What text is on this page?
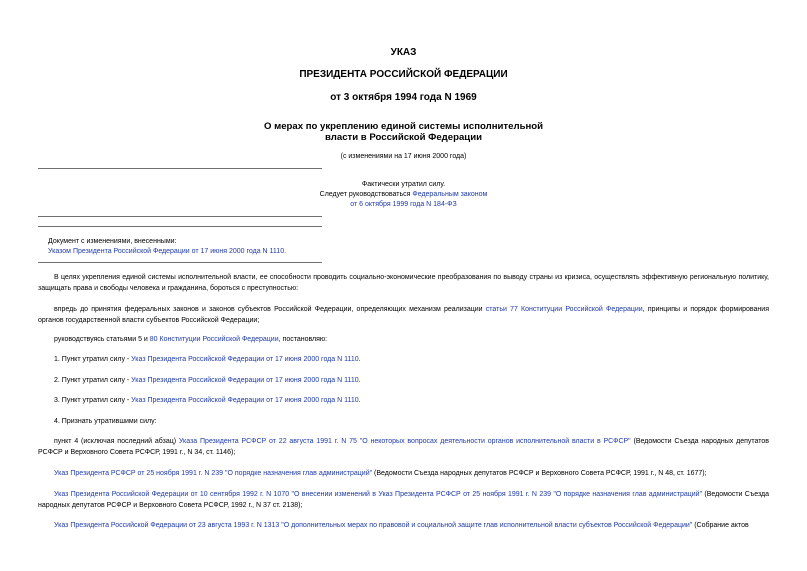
УКАЗ
ПРЕЗИДЕНТА РОССИЙСКОЙ ФЕДЕРАЦИИ
от 3 октября 1994 года N 1969
О мерах по укреплению единой системы исполнительной
власти в Российской Федерации
(с изменениями на 17 июня 2000 года)
Фактически утратил силу.
Следует руководствоваться Федеральным законом
от 6 октября 1999 года N 184-ФЗ
Документ с изменениями, внесенными:
Указом Президента Российской Федерации от 17 июня 2000 года N 1110.
В целях укрепления единой системы исполнительной власти, ее способности проводить социально-экономические преобразования по выводу страны из кризиса, осуществлять эффективную региональную политику, защищать права и свободы человека и гражданина, бороться с преступностью:
впредь до принятия федеральных законов и законов субъектов Российской Федерации, определяющих механизм реализации статьи 77 Конституции Российской Федерации, принципы и порядок формирования органов государственной власти субъектов Российской Федерации;
руководствуясь статьями 5 и 80 Конституции Российской Федерации, постановляю:
1. Пункт утратил силу - Указ Президента Российской Федерации от 17 июня 2000 года N 1110.
2. Пункт утратил силу - Указ Президента Российской Федерации от 17 июня 2000 года N 1110.
3. Пункт утратил силу - Указ Президента Российской Федерации от 17 июня 2000 года N 1110.
4. Признать утратившими силу:
пункт 4 (исключая последний абзац) Указа Президента РСФСР от 22 августа 1991 г. N 75 "О некоторых вопросах деятельности органов исполнительной власти в РСФСР" (Ведомости Съезда народных депутатов РСФСР и Верховного Совета РСФСР, 1991 г., N 34, ст. 1146);
Указ Президента РСФСР от 25 ноября 1991 г. N 239 "О порядке назначения глав администраций" (Ведомости Съезда народных депутатов РСФСР и Верховного Совета РСФСР, 1991 г., N 48, ст. 1677);
Указ Президента Российской Федерации от 10 сентября 1992 г. N 1070 "О внесении изменений в Указ Президента РСФСР от 25 ноября 1991 г. N 239 "О порядке назначения глав администраций" (Ведомости Съезда народных депутатов РСФСР и Верховного Совета РСФСР, 1992 г., N 37 ст. 2138);
Указ Президента Российской Федерации от 23 августа 1993 г. N 1313 "О дополнительных мерах по правовой и социальной защите глав исполнительной власти субъектов Российской Федерации" (Собрание актов
